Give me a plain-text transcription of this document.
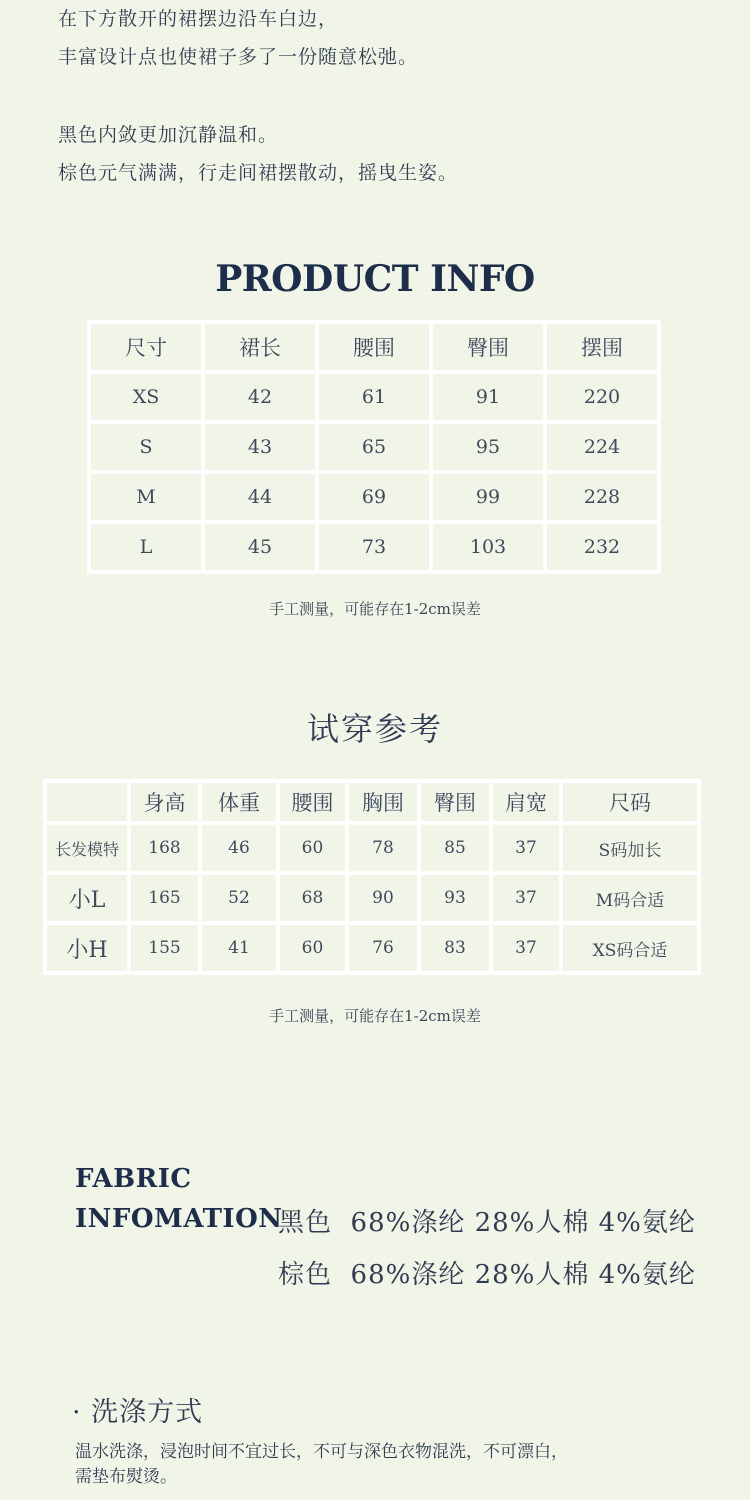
在下方散开的裙摆边沿车白边，

丰富设计点也使裙子多了一份随意松弛。

黑色内敛更加沉静温和。

棕色元气满满，行走间裙摆散动，摇曳生姿。

PRODUCT INFO
尺寸	裙长	腰围	臀围	摆围
XS	42	61	91	220
S	43	65	95	224
M	44	69	99	228
L	45	73	103	232
手工测量，可能存在1-2cm误差
试穿参考
	身高	体重	腰围	胸围	臀围	肩宽	尺码
长发模特	168	46	60	78	85	37	S码加长
小L	165	52	68	90	93	37	M码合适
小H	155	41	60	76	83	37	XS码合适
手工测量，可能存在1-2cm误差
FABRIC
INFOMATION
黑色  68%涤纶 28%人棉 4%氨纶
棕色  68%涤纶 28%人棉 4%氨纶
· 洗涤方式
温水洗涤，浸泡时间不宜过长，不可与深色衣物混洗，不可漂白，
需垫布熨烫。
